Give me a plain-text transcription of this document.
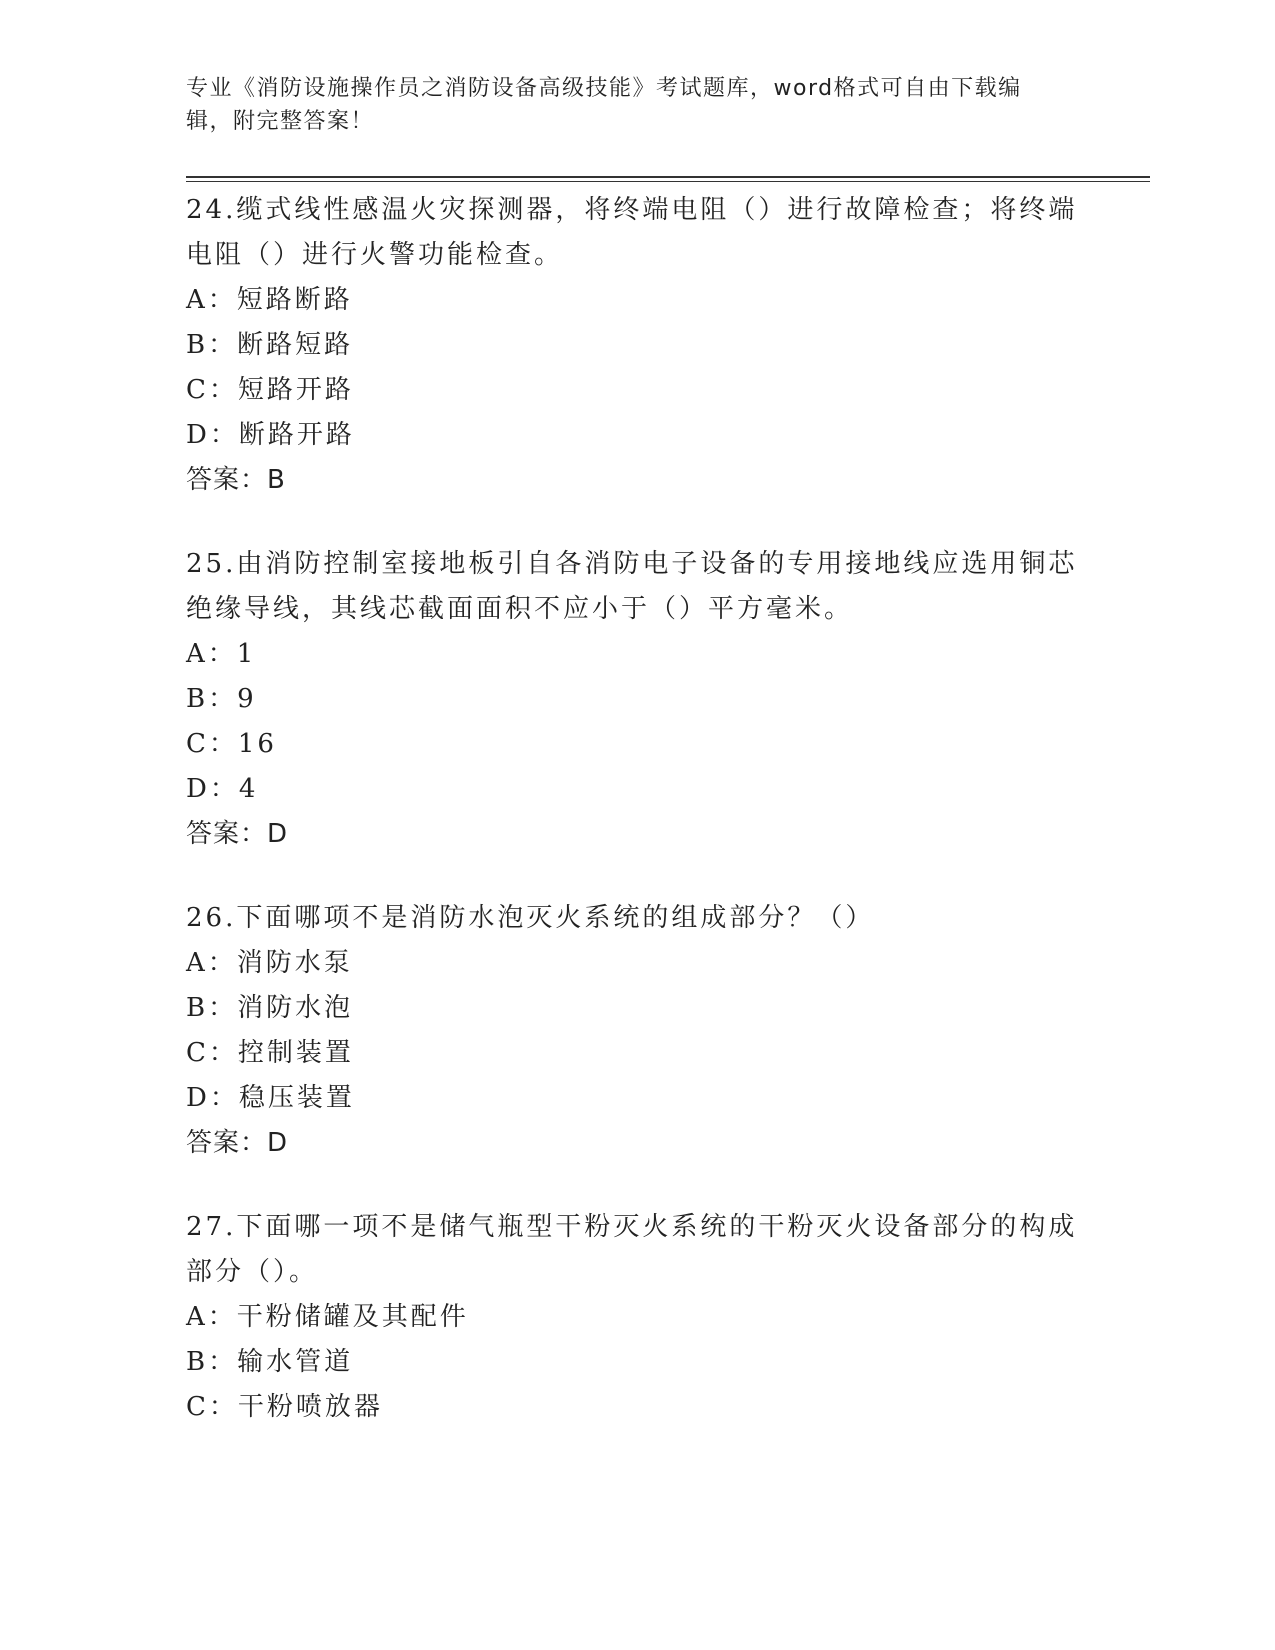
专业《消防设施操作员之消防设备高级技能》考试题库，word格式可自由下载编辑，附完整答案！

24.缆式线性感温火灾探测器，将终端电阻（）进行故障检查；将终端电阻（）进行火警功能检查。

A：短路断路

B：断路短路

C：短路开路

D：断路开路

答案：B

25.由消防控制室接地板引自各消防电子设备的专用接地线应选用铜芯绝缘导线，其线芯截面面积不应小于（）平方毫米。

A：1

B：9

C：16

D：4

答案：D

26.下面哪项不是消防水泡灭火系统的组成部分？（）

A：消防水泵

B：消防水泡

C：控制装置

D：稳压装置

答案：D

27.下面哪一项不是储气瓶型干粉灭火系统的干粉灭火设备部分的构成部分（）。

A：干粉储罐及其配件

B：输水管道

C：干粉喷放器
